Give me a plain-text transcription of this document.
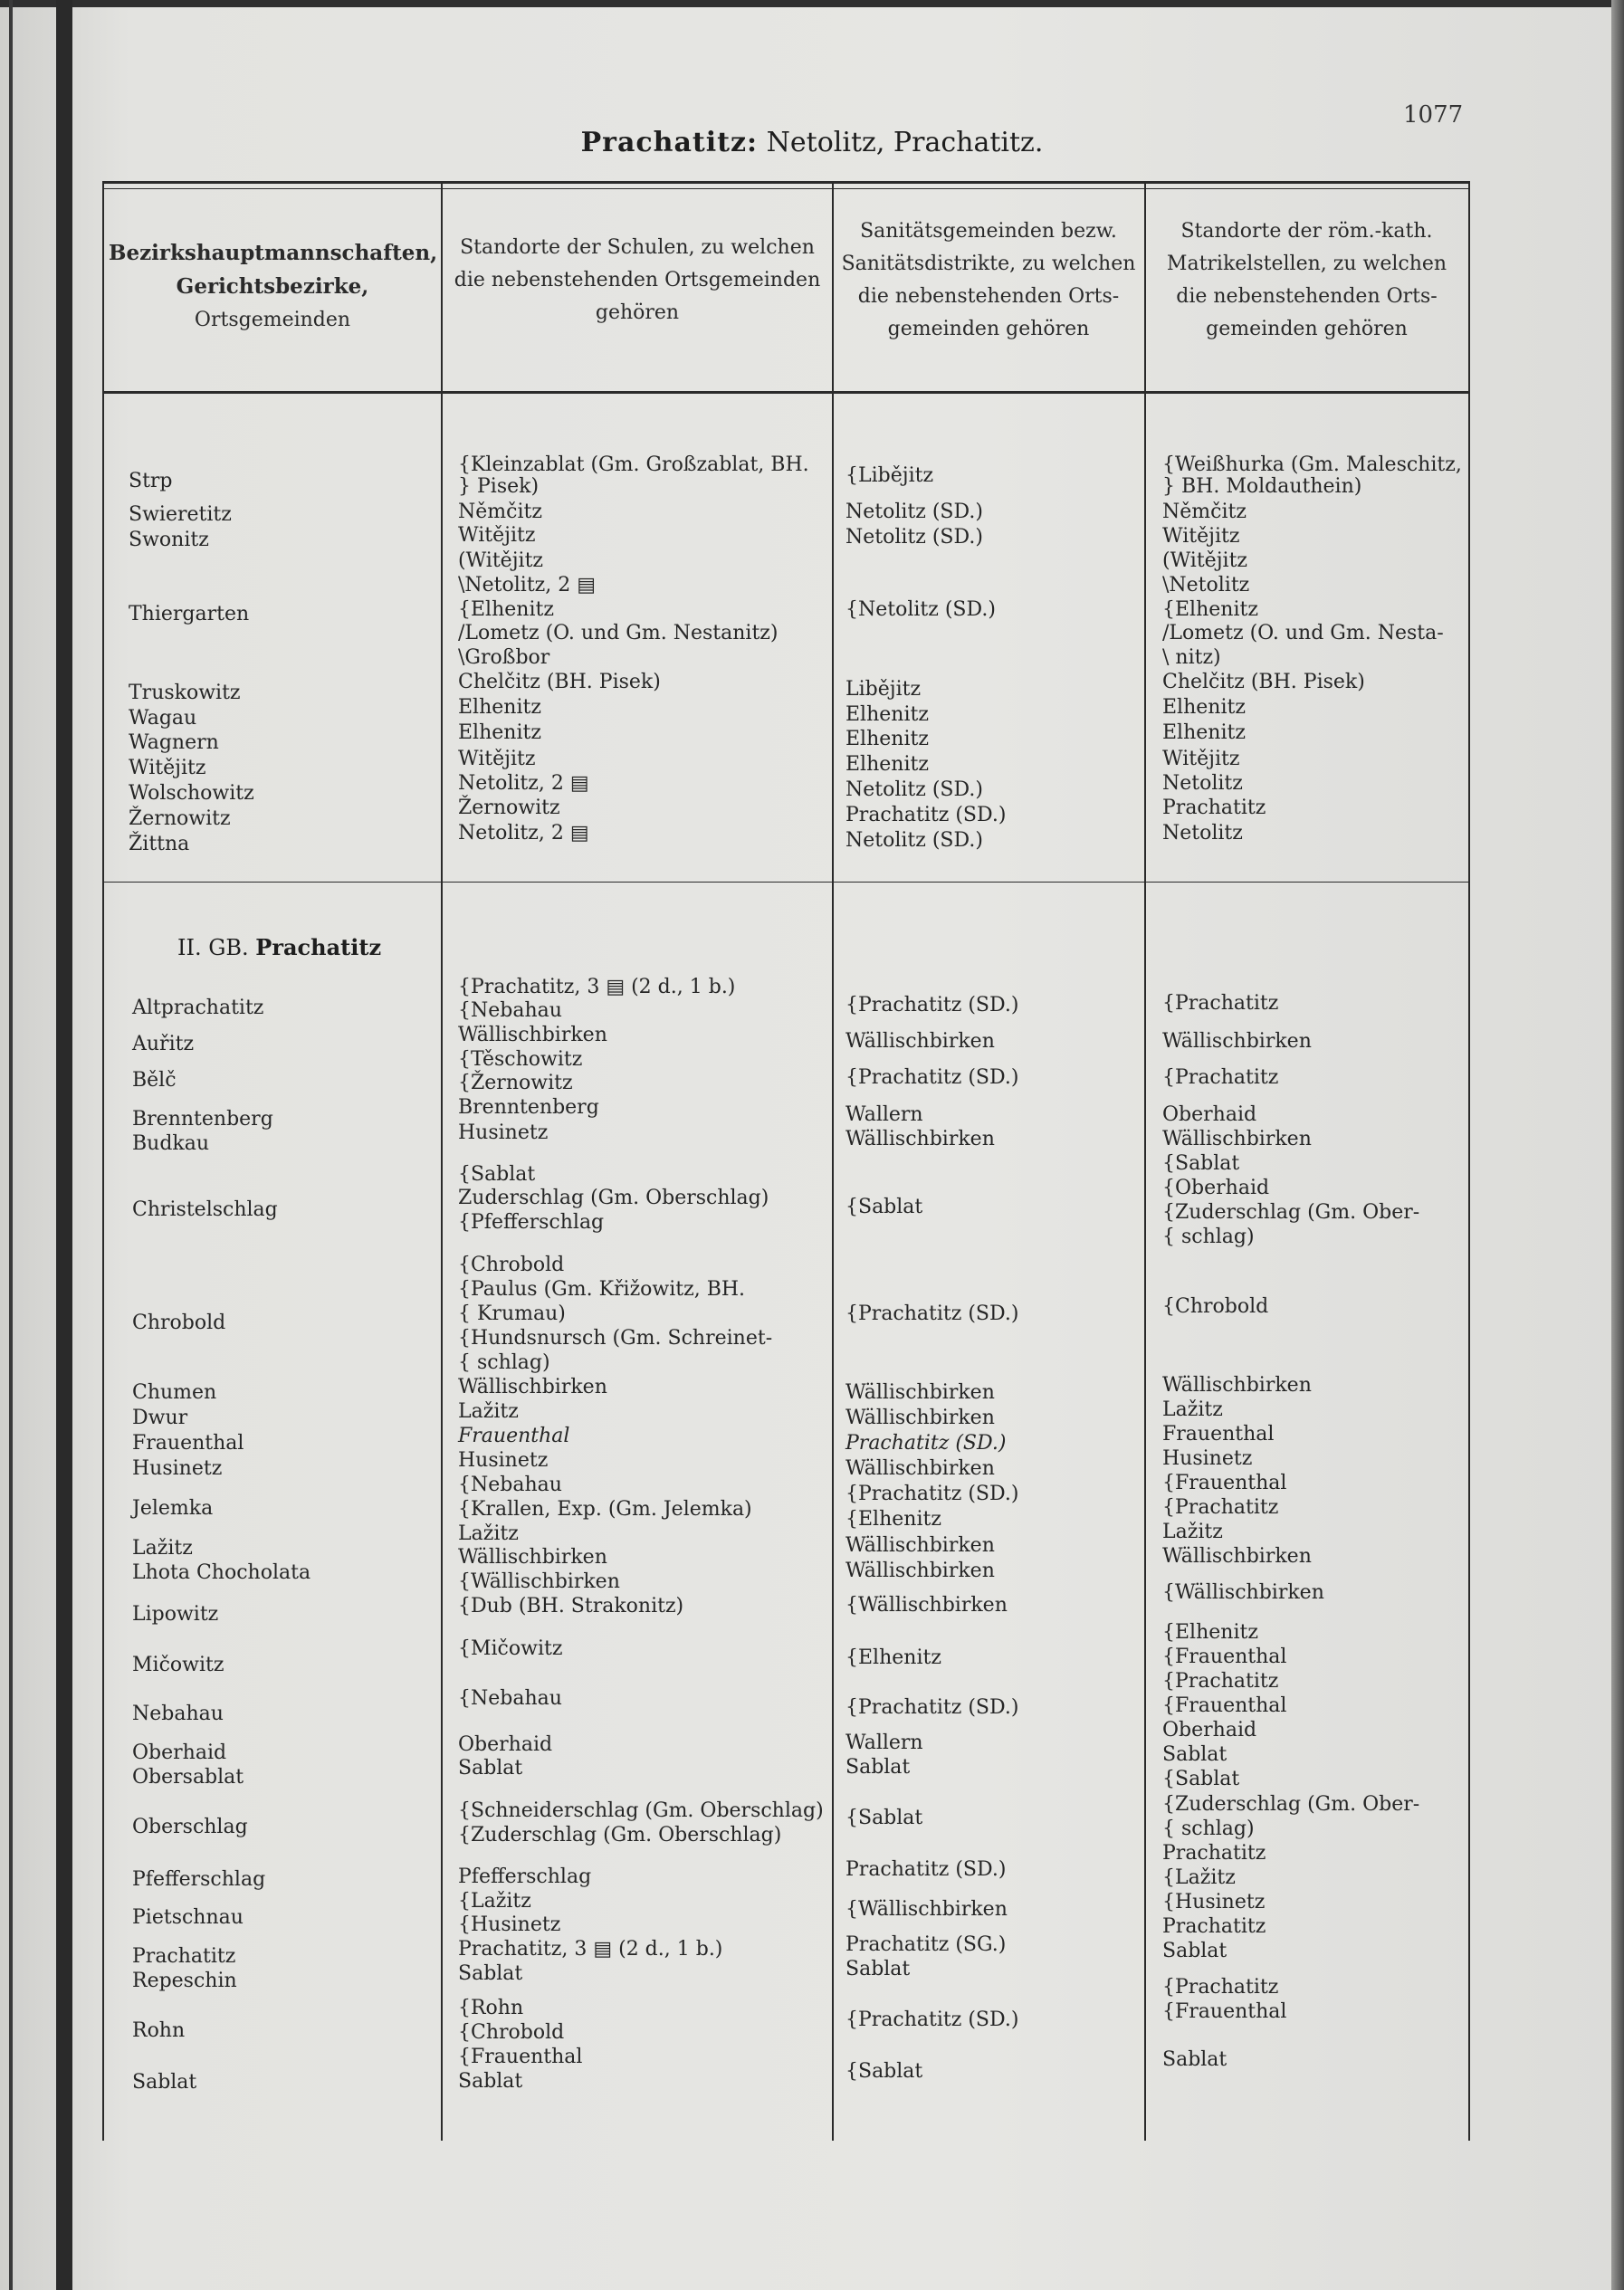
1077
Prachatitz: Netolitz, Prachatitz.
Bezirkshauptmannschaften,
Gerichtsbezirke,
Ortsgemeinden
Standorte der Schulen, zu welchen
die nebenstehenden Ortsgemeinden
gehören
Sanitätsgemeinden bezw.
Sanitätsdistrikte, zu welchen
die nebenstehenden Orts-
gemeinden gehören
Standorte der röm.-kath.
Matrikelstellen, zu welchen
die nebenstehenden Orts-
gemeinden gehören
II. GB. Prachatitz
Strp
Swieretitz
Swonitz
Thiergarten
Truskowitz
Wagau
Wagnern
Witějitz
Wolschowitz
Žernowitz
Žittna
Altprachatitz
Auřitz
Bělč
Brenntenberg
Budkau
Christelschlag
Chrobold
Chumen
Dwur
Frauenthal
Husinetz
Jelemka
Lažitz
Lhota Chocholata
Lipowitz
Mičowitz
Nebahau
Oberhaid
Obersablat
Oberschlag
Pfefferschlag
Pietschnau
Prachatitz
Repeschin
Rohn
Sablat
{Kleinzablat (Gm. Großzablat, BH.
} Pisek)
Němčitz
Witějitz
(Witějitz
\Netolitz, 2 ▤
{Elhenitz
/Lometz (O. und Gm. Nestanitz)
\Großbor
Chelčitz (BH. Pisek)
Elhenitz
Elhenitz
Witějitz
Netolitz, 2 ▤
Žernowitz
Netolitz, 2 ▤
{Prachatitz, 3 ▤ (2 d., 1 b.)
{Nebahau
Wällischbirken
{Těschowitz
{Žernowitz
Brenntenberg
Husinetz
{Sablat
Zuderschlag (Gm. Oberschlag)
{Pfefferschlag
{Chrobold
{Paulus (Gm. Křižowitz, BH.
{ Krumau)
{Hundsnursch (Gm. Schreinet-
{ schlag)
Wällischbirken
Lažitz
Frauenthal
Husinetz
{Nebahau
{Krallen, Exp. (Gm. Jelemka)
Lažitz
Wällischbirken
{Wällischbirken
{Dub (BH. Strakonitz)
{Mičowitz
{Nebahau
Oberhaid
Sablat
{Schneiderschlag (Gm. Oberschlag)
{Zuderschlag (Gm. Oberschlag)
Pfefferschlag
{Lažitz
{Husinetz
Prachatitz, 3 ▤ (2 d., 1 b.)
Sablat
{Rohn
{Chrobold
{Frauenthal
Sablat
{Liběјitz
Netolitz (SD.)
Netolitz (SD.)
{Netolitz (SD.)
Liběјitz
Elhenitz
Elhenitz
Elhenitz
Netolitz (SD.)
Prachatitz (SD.)
Netolitz (SD.)
{Prachatitz (SD.)
Wällischbirken
{Prachatitz (SD.)
Wallern
Wällischbirken
{Sablat
{Prachatitz (SD.)
Wällischbirken
Wällischbirken
Prachatitz (SD.)
Wällischbirken
{Prachatitz (SD.)
{Elhenitz
Wällischbirken
Wällischbirken
{Wällischbirken
{Elhenitz
{Prachatitz (SD.)
Wallern
Sablat
{Sablat
Prachatitz (SD.)
{Wällischbirken
Prachatitz (SG.)
Sablat
{Prachatitz (SD.)
{Sablat
{Weißhurka (Gm. Maleschitz,
} BH. Moldauthein)
Němčitz
Witějitz
(Witějitz
\Netolitz
{Elhenitz
/Lometz (O. und Gm. Nesta-
\ nitz)
Chelčitz (BH. Pisek)
Elhenitz
Elhenitz
Witějitz
Netolitz
Prachatitz
Netolitz
{Prachatitz
Wällischbirken
{Prachatitz
Oberhaid
Wällischbirken
{Sablat
{Oberhaid
{Zuderschlag (Gm. Ober-
{ schlag)
{Chrobold
Wällischbirken
Lažitz
Frauenthal
Husinetz
{Frauenthal
{Prachatitz
Lažitz
Wällischbirken
{Wällischbirken
{Elhenitz
{Frauenthal
{Prachatitz
{Frauenthal
Oberhaid
Sablat
{Sablat
{Zuderschlag (Gm. Ober-
{ schlag)
Prachatitz
{Lažitz
{Husinetz
Prachatitz
Sablat
{Prachatitz
{Frauenthal
Sablat
